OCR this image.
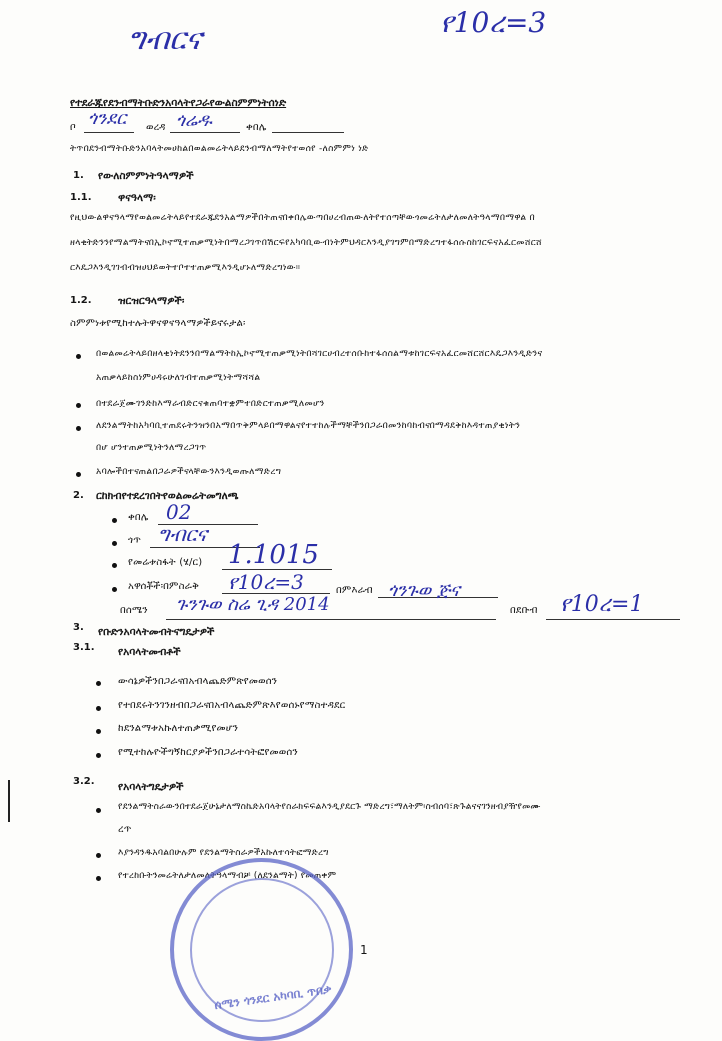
ግብርና	የ10ረ=3
የተደራጁየደንብማትቡድንአባላትየጋራየውልስምምነትሰነድ
ቦ ጎንደር ወረዳ ጎሬዱ	ቀበሌ
ትጥበደንብማትቡድንአባላትመሀከልበወልመሬትላይደንብማለማትየተወሰየ -ለስምምነ ነድ
1. የውለስምምነትዓላማዎች
1.1.	ዋናዓላማ፡
የዚህውልዋናዓላማየወልመሬትላይየተደራጁደንአልማዎችበትጠናበቀበሌውጣበሀረብጠውለትየተሰጣቸውጎመሬትለታለመለትዓላማበማዋል በ
ዘላቂትድንንየማልማትናበኢኮኖሚተጠቃሚነትበማረጋገጥበሽርፍየአካባቢውብነትምህዳርእንዲያገግምበማድረግተፋሰሱስከገርፍናአፈርመሸርሸ
ርእዴጋእንዲገገብብዝሀህይወትተቦተተጠቃሚእንዲሆኑለማድረግነው።
1.2.	ዝርዝርዓላማዎች፡
ስምምነቱየሚከተሉትዋናዋናዓላማዎችይኖሩታል፡
በወልመሬትላይበዘላቂነትደንንበማልማትከኢኮኖሚተጠቃሚነትበሻገርሀብረተሰቡከተፋሰስልማቱከገርፍናአፈርመሸርሸርእዴጋእንዲድንና
አጠቃላይከስነምሀዳሩሁለገብተጠቃሚነትማሻሻል
በተደራጀሙገንድከእማራብድርናቁጠባተቋምተበድርተጠቃሚለመሆን
ለደንልማትከአካባቢተጠደሩትንዝንበአማበጥቅምላይበማዋልናየተተከሉችማቸችንበጋራበመንከባከብናበማዳደቅከእዳተጠያቂነትን
በሆ ሆንተጠቃሚነትንለማረጋገጥ
አባሎችበተናጠልበጋራዎችናላቸውንእንዲወጡለማድረግ
2. ርከክብየተደረገበትየወልመሬትመግለጫ
ቀበሌ 02
ጎጥ ግብርና
የመሬቱስፋት (ሄ/ር) 1.1015
አዋሰቾች፡በምስራቅ የ10ረ=3	በምእራብ ጎንጉወ ጅና
በሰሜን ጉንጉወ ስሬ ጊዳ 2014	በደቡብ የ10ረ=1
3. የቡድንአባላትመብትናግዴታዎች
3.1. የአባላትመብቶች
ውሳኔዎችንበጋራናበአብላጨድምጽየመወሰን
የተበደሩትንገንዘብበጋራናበአብላጨድምጽእየወሰኑየማስተዳደር
ከደንልማቱአኩለተጠቃሚየመሆን
የሚተከሉዮችግኝከርያዎችንበጋራተሳትፎየመወሰን
3.2. የአባላትግዴታዎች
የደንልማትስራውንበተደራጀሁኔታለማስኬድአባላትየስራክፍፍልእንዲያደርጉ ማድረግ፣ማለትም፡ስብሰባ፣ጽጉልናናገንዘብያዥየመሙ
ረጥ
እያንዳንዱአባልበሁሉም የደንልማትስራዎችአኩለተሳትፎማድረግ
የተረከቡትንመሬትለታለመለትዓላማብቻ (ለደንልማት) የመጠቀም
ሰሜን ጎንደር አካባቢ ጥበቃ
1
